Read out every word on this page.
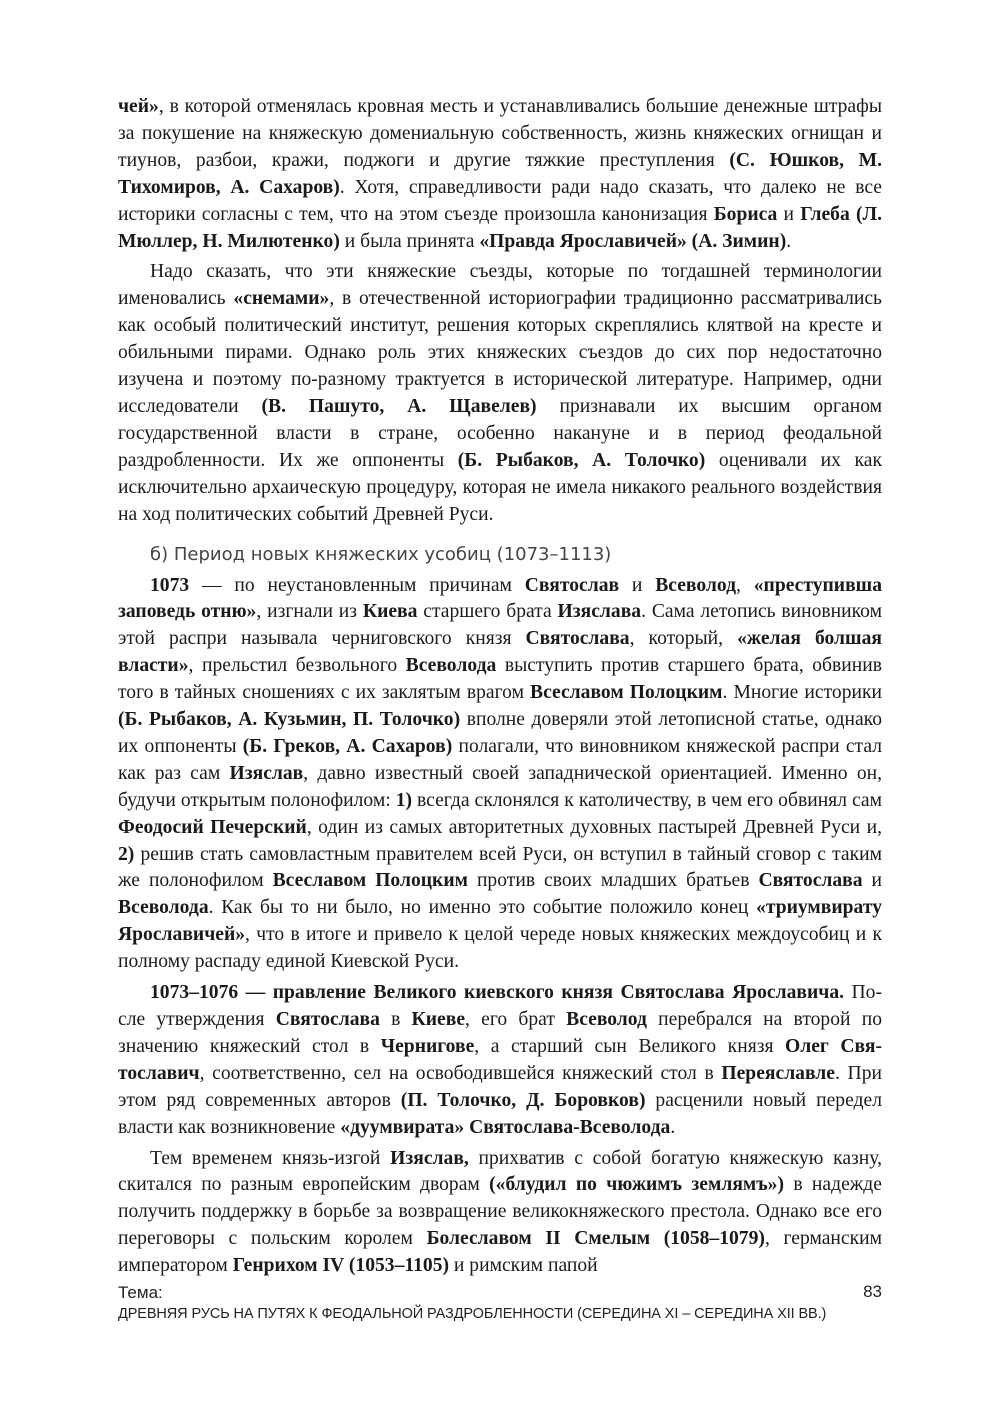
чей», в которой отменялась кровная месть и устанавливались большие денежные штрафы за покушение на княжескую домениальную собственность, жизнь княжеских огнищан и тиунов, разбои, кражи, поджоги и другие тяжкие преступления (С. Юшков, М. Тихомиров, А. Сахаров). Хотя, справедливости ради надо сказать, что далеко не все историки согласны с тем, что на этом съезде произошла канонизация Бориса и Глеба (Л. Мюллер, Н. Милютенко) и была принята «Правда Ярославичей» (А. Зимин).

Надо сказать, что эти княжеские съезды, которые по тогдашней терминологии именовались «снемами», в отечественной историографии традиционно рассматривались как особый политический институт, решения которых скреплялись клятвой на кресте и обильными пирами. Однако роль этих княжеских съездов до сих пор недостаточно изучена и поэтому по-разному трактуется в исторической литературе. Например, одни исследователи (В. Пашуто, А. Щавелев) признавали их высшим органом государственной власти в стране, особенно накануне и в период феодальной раздробленности. Их же оппоненты (Б. Рыбаков, А. Толочко) оценивали их как исключительно архаическую процедуру, которая не имела никакого реального воздействия на ход политических событий Древней Руси.

б) Период новых княжеских усобиц (1073–1113)

1073 — по неустановленным причинам Святослав и Всеволод, «преступивша заповедь отню», изгнали из Киева старшего брата Изяслава. Сама летопись виновником этой распри называла черниговского князя Святослава, который, «желая болшая власти», прельстил безвольного Всеволода выступить против старшего брата, обвинив того в тайных сношениях с их заклятым врагом Всеславом Полоцким. Многие историки (Б. Рыбаков, А. Кузьмин, П. Толочко) вполне доверяли этой летописной статье, однако их оппоненты (Б. Греков, А. Сахаров) полагали, что виновником княжеской распри стал как раз сам Изяслав, давно известный своей западнической ориентацией. Именно он, будучи открытым полонофилом: 1) всегда склонялся к католичеству, в чем его обвинял сам Феодосий Печерский, один из самых авторитетных духовных пастырей Древней Руси и, 2) решив стать самовластным правителем всей Руси, он вступил в тайный сговор с таким же полонофилом Всеславом Полоцким против своих младших братьев Святослава и Всеволода. Как бы то ни было, но именно это событие положило конец «триумвирату Ярославичей», что в итоге и привело к целой череде новых княжеских междоусобиц и к полному распаду единой Киевской Руси.

1073–1076 — правление Великого киевского князя Святослава Ярославича. После утверждения Святослава в Киеве, его брат Всеволод перебрался на второй по значению княжеский стол в Чернигове, а старший сын Великого князя Олег Святославич, соответственно, сел на освободившейся княжеский стол в Переяславле. При этом ряд современных авторов (П. Толочко, Д. Боровков) расценили новый передел власти как возникновение «дуумвирата» Святослава-Всеволода.

Тем временем князь-изгой Изяслав, прихватив с собой богатую княжескую казну, скитался по разным европейским дворам («блудил по чюжимъ землямъ») в надежде получить поддержку в борьбе за возвращение великокняжеского престола. Однако все его переговоры с польским королем Болеславом II Смелым (1058–1079), германским императором Генрихом IV (1053–1105) и римским папой

Тема:
ДРЕВНЯЯ РУСЬ НА ПУТЯХ К ФЕОДАЛЬНОЙ РАЗДРОБЛЕННОСТИ (СЕРЕДИНА XI – СЕРЕДИНА XII ВВ.)
83
